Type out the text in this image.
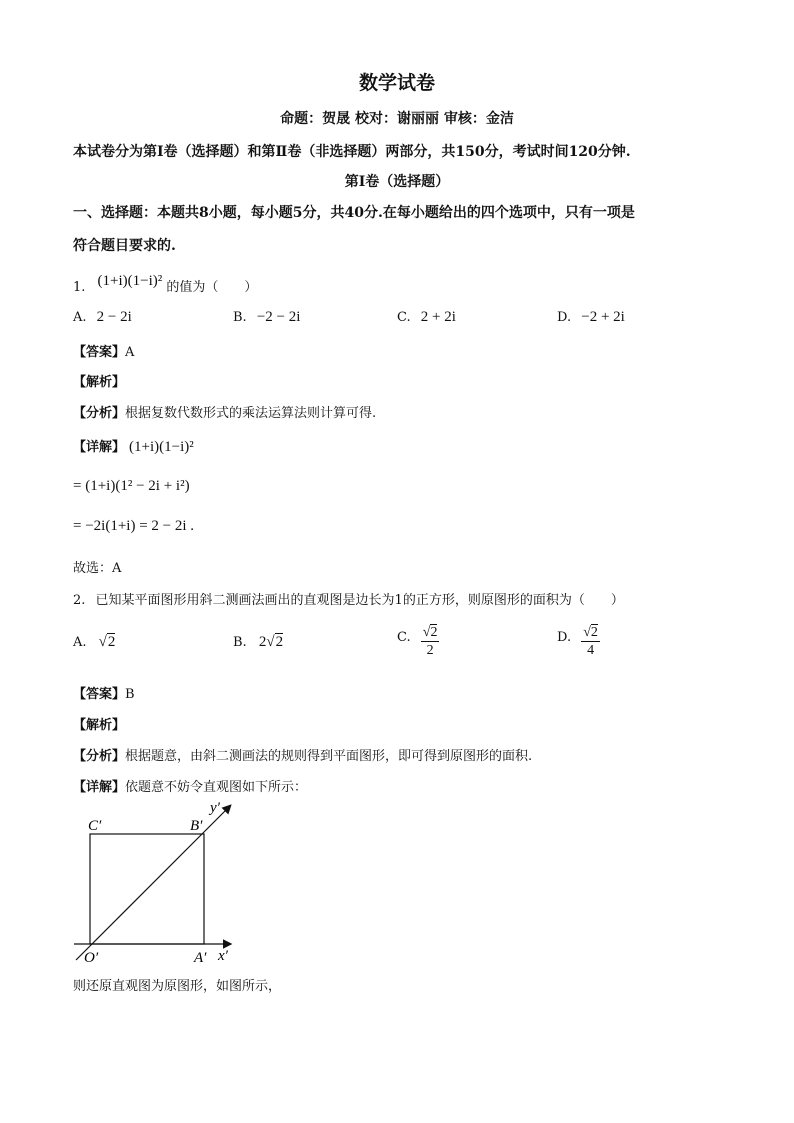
数学试卷
命题：贺晟 校对：谢丽丽 审核：金洁
本试卷分为第Ⅰ卷（选择题）和第Ⅱ卷（非选择题）两部分，共150分，考试时间120分钟.
第Ⅰ卷（选择题）
一、选择题：本题共8小题，每小题5分，共40分.在每小题给出的四个选项中，只有一项是
符合题目要求的.
1. (1+i)(1−i)² 的值为（　　）
A. 2 − 2i	B. −2 − 2i	C. 2 + 2i	D. −2 + 2i
【答案】A
【解析】
【分析】根据复数代数形式的乘法运算法则计算可得.
【详解】 (1+i)(1−i)²
= (1+i)(1² − 2i + i²)
= −2i(1+i) = 2 − 2i .
故选：A
2. 已知某平面图形用斜二测画法画出的直观图是边长为1的正方形，则原图形的面积为（　　）
A. √2	B. 2√2	C. $\frac{√2}{2}$	D. $\frac{√2}{4}$
【答案】B
【解析】
【分析】根据题意，由斜二测画法的规则得到平面图形，即可得到原图形的面积.
【详解】依题意不妨令直观图如下所示：
C′	B′
y′
O′	A′ x′
则还原直观图为原图形，如图所示，
